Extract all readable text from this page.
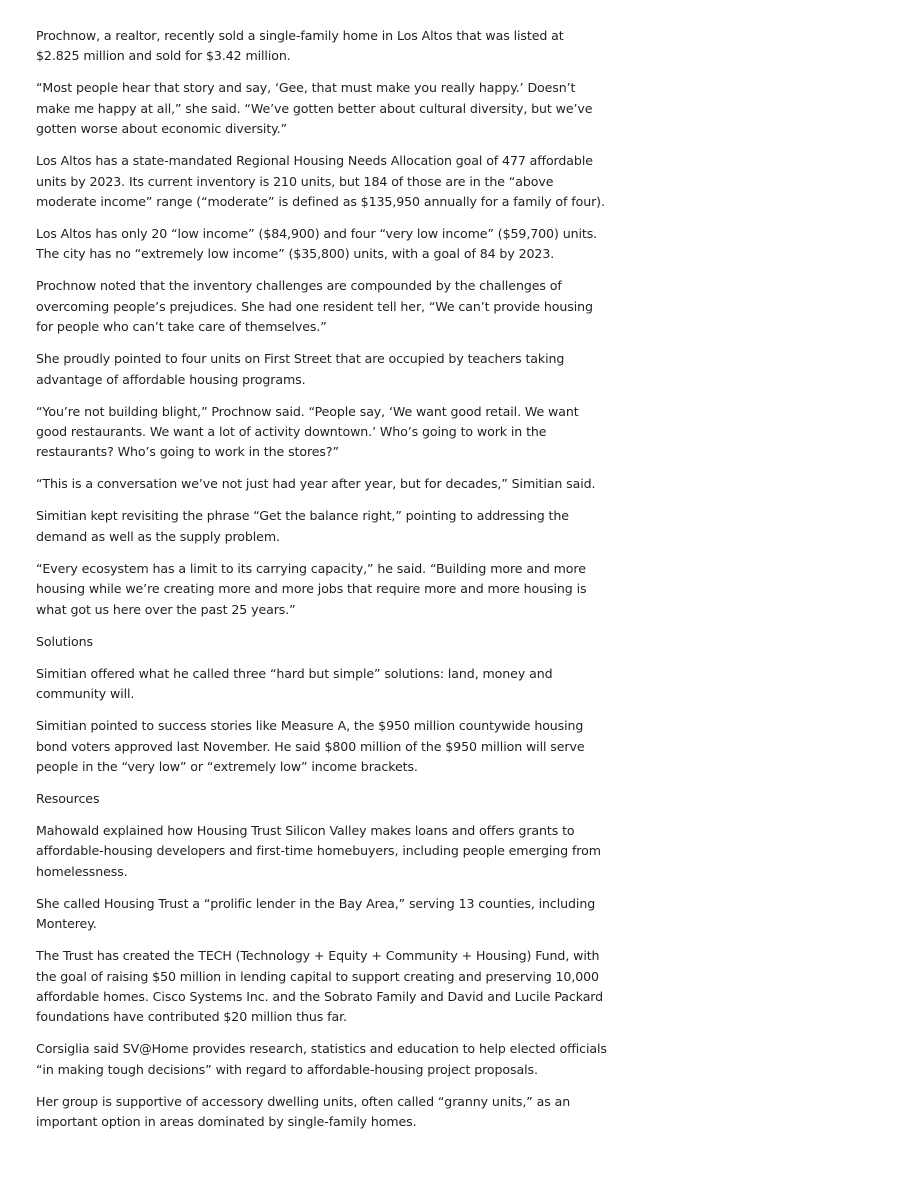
Prochnow, a realtor, recently sold a single-family home in Los Altos that was listed at $2.825 million and sold for $3.42 million.

“Most people hear that story and say, ‘Gee, that must make you really happy.’ Doesn’t make me happy at all,” she said. “We’ve gotten better about cultural diversity, but we’ve gotten worse about economic diversity.”

Los Altos has a state-mandated Regional Housing Needs Allocation goal of 477 affordable units by 2023. Its current inventory is 210 units, but 184 of those are in the “above moderate income” range (“moderate” is defined as $135,950 annually for a family of four).

Los Altos has only 20 “low income” ($84,900) and four “very low income” ($59,700) units. The city has no “extremely low income” ($35,800) units, with a goal of 84 by 2023.

Prochnow noted that the inventory challenges are compounded by the challenges of overcoming people’s prejudices. She had one resident tell her, “We can’t provide housing for people who can’t take care of themselves.”

She proudly pointed to four units on First Street that are occupied by teachers taking advantage of affordable housing programs.

“You’re not building blight,” Prochnow said. “People say, ‘We want good retail. We want good restaurants. We want a lot of activity downtown.’ Who’s going to work in the restaurants? Who’s going to work in the stores?”

“This is a conversation we’ve not just had year after year, but for decades,” Simitian said.

Simitian kept revisiting the phrase “Get the balance right,” pointing to addressing the demand as well as the supply problem.

“Every ecosystem has a limit to its carrying capacity,” he said. “Building more and more housing while we’re creating more and more jobs that require more and more housing is what got us here over the past 25 years.”

Solutions

Simitian offered what he called three “hard but simple” solutions: land, money and community will.

Simitian pointed to success stories like Measure A, the $950 million countywide housing bond voters approved last November. He said $800 million of the $950 million will serve people in the “very low” or “extremely low” income brackets.

Resources

Mahowald explained how Housing Trust Silicon Valley makes loans and offers grants to affordable-housing developers and first-time homebuyers, including people emerging from homelessness.

She called Housing Trust a “prolific lender in the Bay Area,” serving 13 counties, including Monterey.

The Trust has created the TECH (Technology + Equity + Community + Housing) Fund, with the goal of raising $50 million in lending capital to support creating and preserving 10,000 affordable homes. Cisco Systems Inc. and the Sobrato Family and David and Lucile Packard foundations have contributed $20 million thus far.

Corsiglia said SV@Home provides research, statistics and education to help elected officials “in making tough decisions” with regard to affordable-housing project proposals.

Her group is supportive of accessory dwelling units, often called “granny units,” as an important option in areas dominated by single-family homes.
